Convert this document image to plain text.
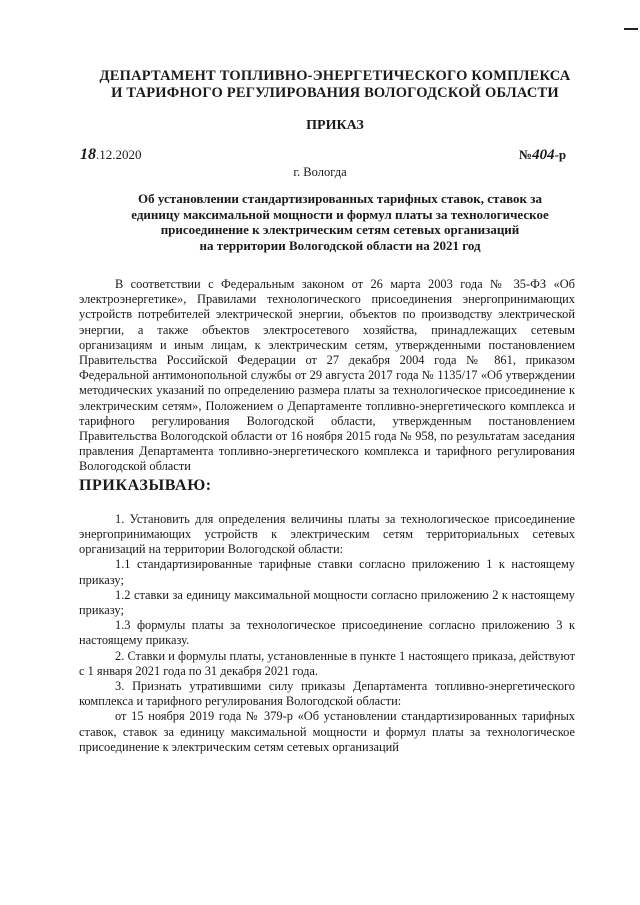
ДЕПАРТАМЕНТ ТОПЛИВНО-ЭНЕРГЕТИЧЕСКОГО КОМПЛЕКСА
И ТАРИФНОГО РЕГУЛИРОВАНИЯ ВОЛОГОДСКОЙ ОБЛАСТИ
ПРИКАЗ
18.12.2020	№404-р
г. Вологда
Об установлении стандартизированных тарифных ставок, ставок за
единицу максимальной мощности и формул платы за технологическое
присоединение к электрическим сетям сетевых организаций
на территории Вологодской области на 2021 год

В соответствии с Федеральным законом от 26 марта 2003 года № 35-ФЗ «Об электроэнергетике», Правилами технологического присоединения энергопринимающих устройств потребителей электрической энергии, объектов по производству электрической энергии, а также объектов электросетевого хозяйства, принадлежащих сетевым организациям и иным лицам, к электрическим сетям, утвержденными постановлением Правительства Российской Федерации от 27 декабря 2004 года № 861, приказом Федеральной антимонопольной службы от 29 августа 2017 года № 1135/17 «Об утверждении методических указаний по определению размера платы за технологическое присоединение к электрическим сетям», Положением о Департаменте топливно-энергетического комплекса и тарифного регулирования Вологодской области, утвержденным постановлением Правительства Вологодской области от 16 ноября 2015 года № 958, по результатам заседания правления Департамента топливно-энергетического комплекса и тарифного регулирования Вологодской области

ПРИКАЗЫВАЮ:

1. Установить для определения величины платы за технологическое присоединение энергопринимающих устройств к электрическим сетям территориальных сетевых организаций на территории Вологодской области:

1.1 стандартизированные тарифные ставки согласно приложению 1 к настоящему приказу;

1.2 ставки за единицу максимальной мощности согласно приложению 2 к настоящему приказу;

1.3 формулы платы за технологическое присоединение согласно приложению 3 к настоящему приказу.

2. Ставки и формулы платы, установленные в пункте 1 настоящего приказа, действуют с 1 января 2021 года по 31 декабря 2021 года.

3. Признать утратившими силу приказы Департамента топливно-энергетического комплекса и тарифного регулирования Вологодской области:

от 15 ноября 2019 года № 379-р «Об установлении стандартизированных тарифных ставок, ставок за единицу максимальной мощности и формул платы за технологическое присоединение к электрическим сетям сетевых организаций
